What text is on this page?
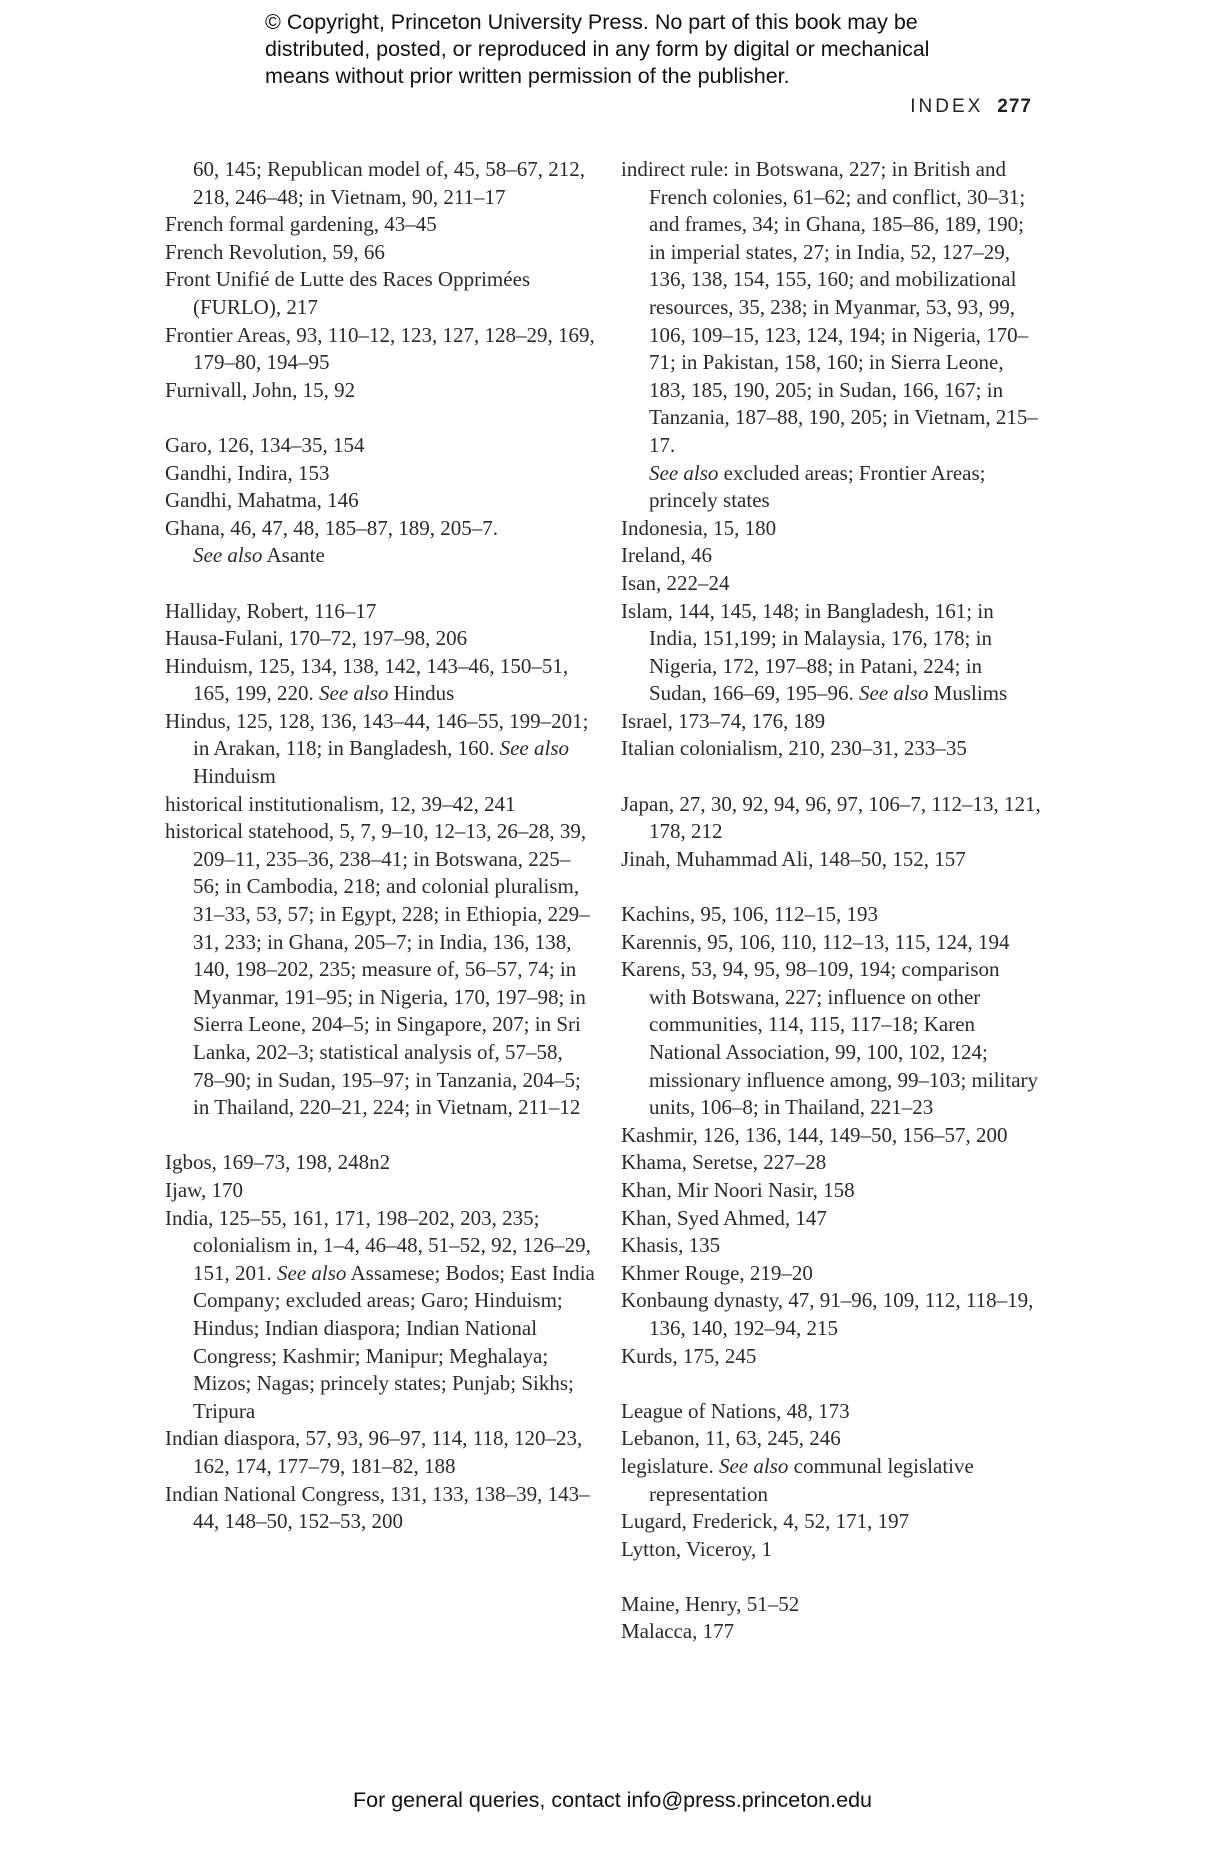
© Copyright, Princeton University Press. No part of this book may be
distributed, posted, or reproduced in any form by digital or mechanical
means without prior written permission of the publisher.
INDEX 277

60, 145; Republican model of, 45, 58–67, 212, 218, 246–48; in Vietnam, 90, 211–17

French formal gardening, 43–45

French Revolution, 59, 66

Front Unifié de Lutte des Races Opprimées (FURLO), 217

Frontier Areas, 93, 110–12, 123, 127, 128–29, 169, 179–80, 194–95

Furnivall, John, 15, 92

Garo, 126, 134–35, 154

Gandhi, Indira, 153

Gandhi, Mahatma, 146

Ghana, 46, 47, 48, 185–87, 189, 205–7.
See also Asante

Halliday, Robert, 116–17

Hausa-Fulani, 170–72, 197–98, 206

Hinduism, 125, 134, 138, 142, 143–46, 150–51, 165, 199, 220. See also Hindus

Hindus, 125, 128, 136, 143–44, 146–55, 199–201; in Arakan, 118; in Bangladesh, 160. See also Hinduism

historical institutionalism, 12, 39–42, 241

historical statehood, 5, 7, 9–10, 12–13, 26–28, 39, 209–11, 235–36, 238–41; in Botswana, 225–56; in Cambodia, 218; and colonial pluralism, 31–33, 53, 57; in Egypt, 228; in Ethiopia, 229–31, 233; in Ghana, 205–7; in India, 136, 138, 140, 198–202, 235; measure of, 56–57, 74; in Myanmar, 191–95; in Nigeria, 170, 197–98; in Sierra Leone, 204–5; in Singapore, 207; in Sri Lanka, 202–3; statistical analysis of, 57–58, 78–90; in Sudan, 195–97; in Tanzania, 204–5; in Thailand, 220–21, 224; in Vietnam, 211–12

Igbos, 169–73, 198, 248n2

Ijaw, 170

India, 125–55, 161, 171, 198–202, 203, 235; colonialism in, 1–4, 46–48, 51–52, 92, 126–29, 151, 201. See also Assamese; Bodos; East India Company; excluded areas; Garo; Hinduism; Hindus; Indian diaspora; Indian National Congress; Kashmir; Manipur; Meghalaya; Mizos; Nagas; princely states; Punjab; Sikhs; Tripura

Indian diaspora, 57, 93, 96–97, 114, 118, 120–23, 162, 174, 177–79, 181–82, 188

Indian National Congress, 131, 133, 138–39, 143–44, 148–50, 152–53, 200

indirect rule: in Botswana, 227; in British and French colonies, 61–62; and conflict, 30–31; and frames, 34; in Ghana, 185–86, 189, 190; in imperial states, 27; in India, 52, 127–29, 136, 138, 154, 155, 160; and mobilizational resources, 35, 238; in Myanmar, 53, 93, 99, 106, 109–15, 123, 124, 194; in Nigeria, 170–71; in Pakistan, 158, 160; in Sierra Leone, 183, 185, 190, 205; in Sudan, 166, 167; in Tanzania, 187–88, 190, 205; in Vietnam, 215–17.
See also excluded areas; Frontier Areas; princely states

Indonesia, 15, 180

Ireland, 46

Isan, 222–24

Islam, 144, 145, 148; in Bangladesh, 161; in India, 151,199; in Malaysia, 176, 178; in Nigeria, 172, 197–88; in Patani, 224; in Sudan, 166–69, 195–96. See also Muslims

Israel, 173–74, 176, 189

Italian colonialism, 210, 230–31, 233–35

Japan, 27, 30, 92, 94, 96, 97, 106–7, 112–13, 121, 178, 212

Jinah, Muhammad Ali, 148–50, 152, 157

Kachins, 95, 106, 112–15, 193

Karennis, 95, 106, 110, 112–13, 115, 124, 194

Karens, 53, 94, 95, 98–109, 194; comparison with Botswana, 227; influence on other communities, 114, 115, 117–18; Karen National Association, 99, 100, 102, 124; missionary influence among, 99–103; military units, 106–8; in Thailand, 221–23

Kashmir, 126, 136, 144, 149–50, 156–57, 200

Khama, Seretse, 227–28

Khan, Mir Noori Nasir, 158

Khan, Syed Ahmed, 147

Khasis, 135

Khmer Rouge, 219–20

Konbaung dynasty, 47, 91–96, 109, 112, 118–19, 136, 140, 192–94, 215

Kurds, 175, 245

League of Nations, 48, 173

Lebanon, 11, 63, 245, 246

legislature. See also communal legislative representation

Lugard, Frederick, 4, 52, 171, 197

Lytton, Viceroy, 1

Maine, Henry, 51–52

Malacca, 177

For general queries, contact info@press.princeton.edu
